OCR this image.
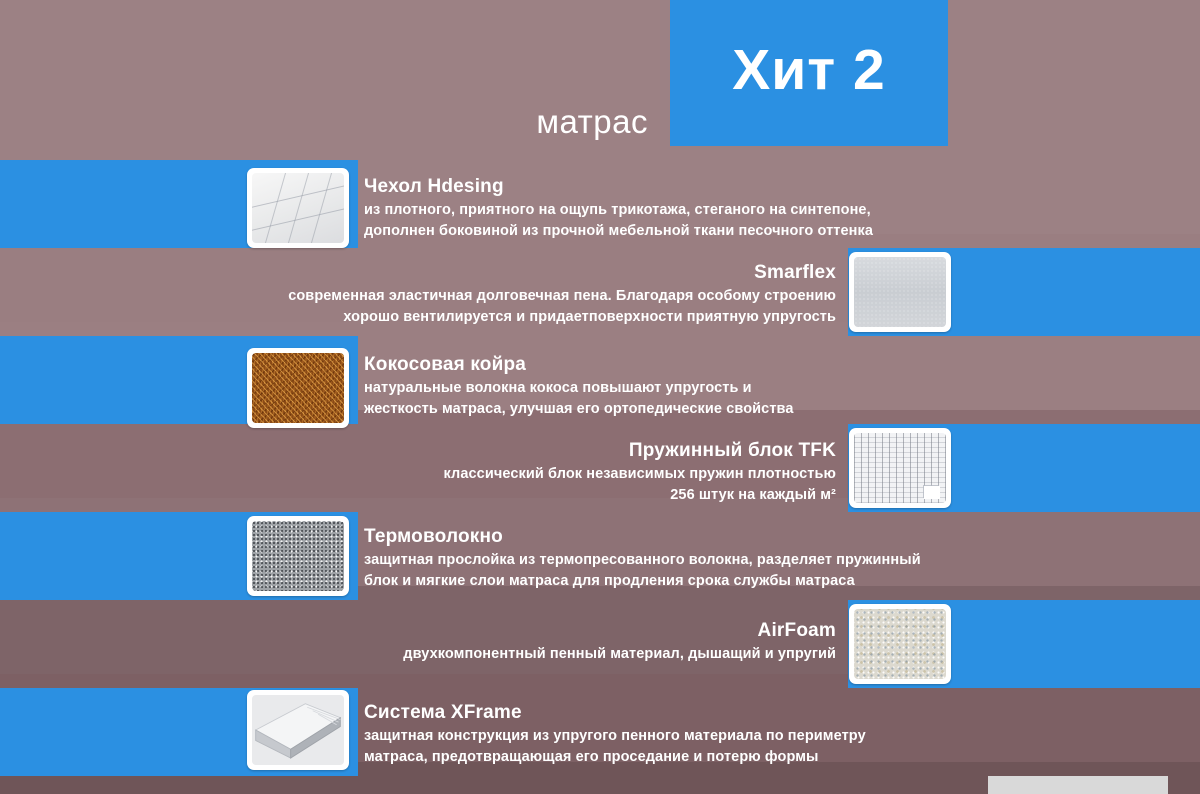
матрас
Хит 2
Чехол Hdesing
из плотного, приятного на ощупь трикотажа, стеганого на синтепоне,
дополнен боковиной из прочной мебельной ткани песочного оттенка
Smarflex
современная эластичная долговечная пена. Благодаря особому строению
хорошо вентилируется и придаетповерхности приятную упругость
Кокосовая койра
натуральные волокна кокоса повышают упругость и
жесткость матраса, улучшая его ортопедические свойства
Пружинный блок TFK
классический блок независимых пружин плотностью
256 штук на каждый м²
Термоволокно
защитная прослойка из термопресованного волокна, разделяет пружинный
блок и мягкие слои матраса для продления срока службы матраса
AirFoam
двухкомпонентный пенный материал, дышащий и упругий
Система XFrame
защитная конструкция из упругого пенного материала по периметру
матраса, предотвращающая его проседание и потерю формы
